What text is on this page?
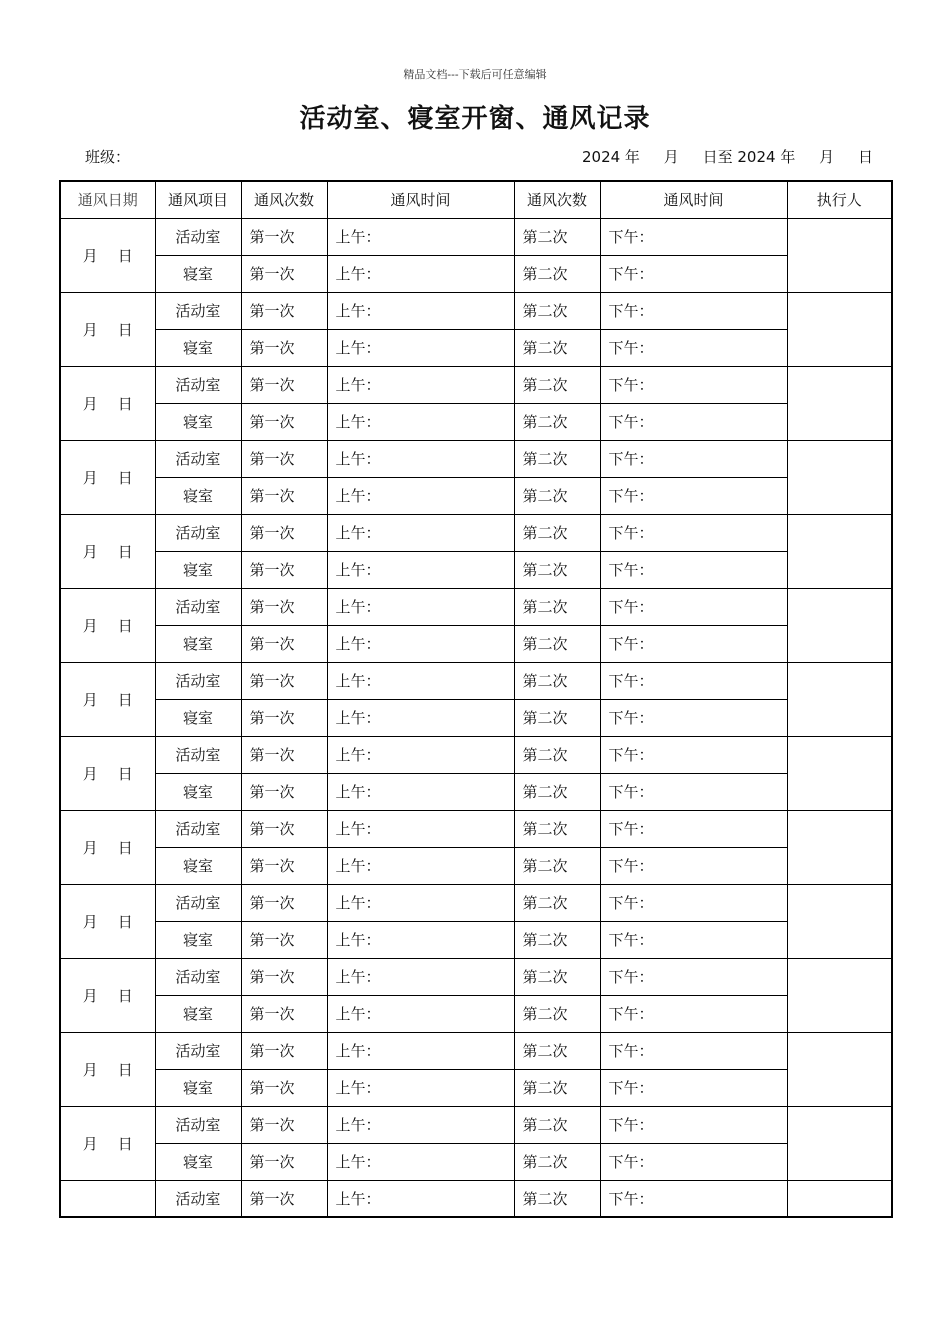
精品文档---下载后可任意编辑
活动室、寝室开窗、通风记录
班级：	2024 年     月     日至 2024 年     月     日
通风日期	通风项目	通风次数	通风时间	通风次数	通风时间	执行人
月 日	活动室	第一次	上午：	第二次	下午：	
	寝室	第一次	上午：	第二次	下午：	
月 日	活动室	第一次	上午：	第二次	下午：	
	寝室	第一次	上午：	第二次	下午：	
月 日	活动室	第一次	上午：	第二次	下午：	
	寝室	第一次	上午：	第二次	下午：	
月 日	活动室	第一次	上午：	第二次	下午：	
	寝室	第一次	上午：	第二次	下午：	
月 日	活动室	第一次	上午：	第二次	下午：	
	寝室	第一次	上午：	第二次	下午：	
月 日	活动室	第一次	上午：	第二次	下午：	
	寝室	第一次	上午：	第二次	下午：	
月 日	活动室	第一次	上午：	第二次	下午：	
	寝室	第一次	上午：	第二次	下午：	
月 日	活动室	第一次	上午：	第二次	下午：	
	寝室	第一次	上午：	第二次	下午：	
月 日	活动室	第一次	上午：	第二次	下午：	
	寝室	第一次	上午：	第二次	下午：	
月 日	活动室	第一次	上午：	第二次	下午：	
	寝室	第一次	上午：	第二次	下午：	
月 日	活动室	第一次	上午：	第二次	下午：	
	寝室	第一次	上午：	第二次	下午：	
月 日	活动室	第一次	上午：	第二次	下午：	
	寝室	第一次	上午：	第二次	下午：	
月 日	活动室	第一次	上午：	第二次	下午：	
	寝室	第一次	上午：	第二次	下午：	
	活动室	第一次	上午：	第二次	下午：	
